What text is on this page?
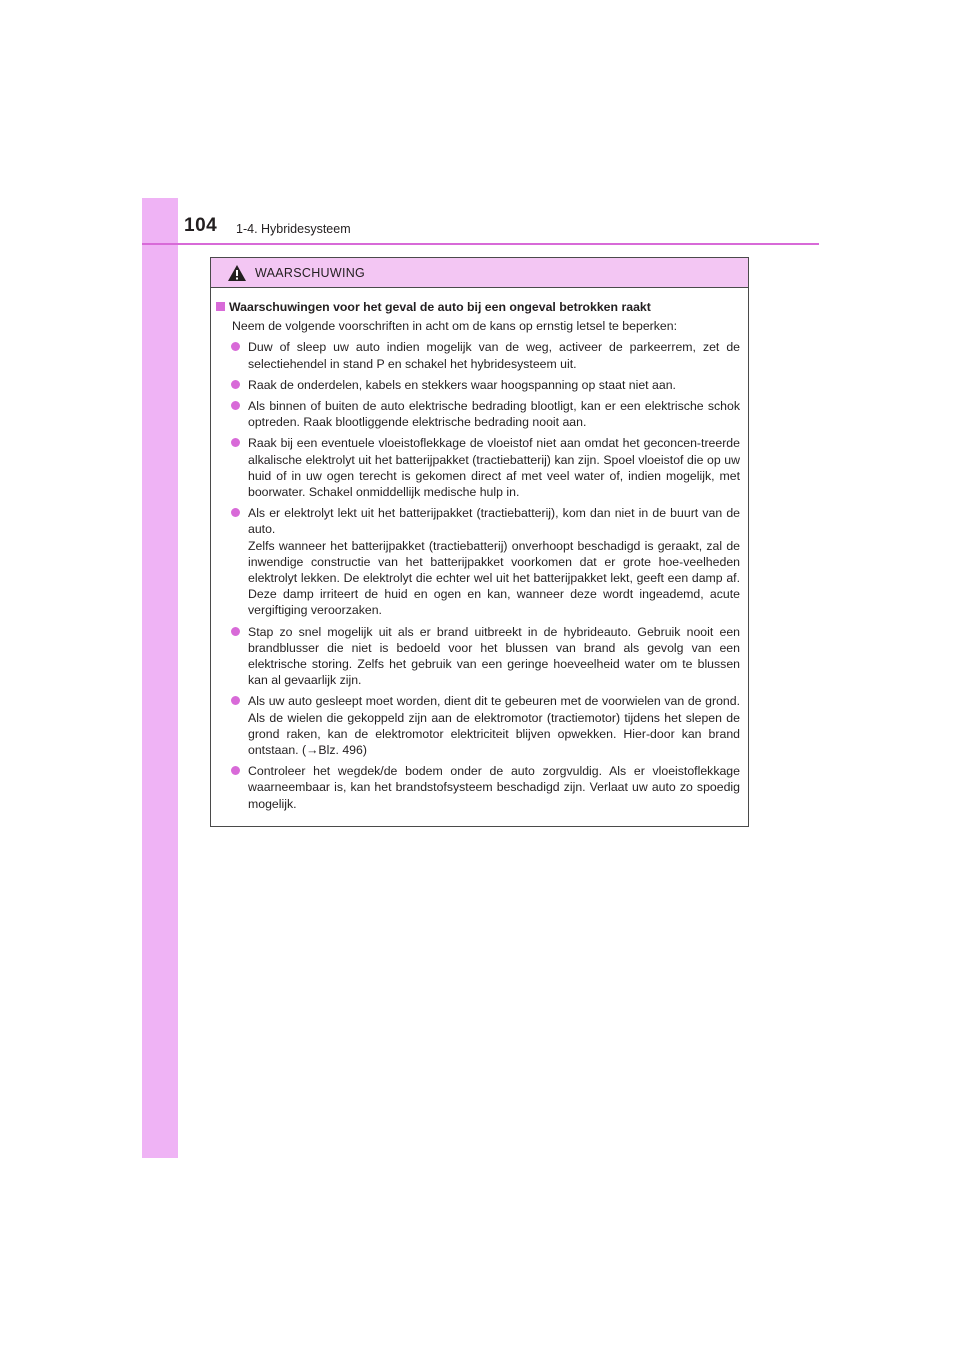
104 1-4. Hybridesysteem
WAARSCHUWING
Waarschuwingen voor het geval de auto bij een ongeval betrokken raakt
Neem de volgende voorschriften in acht om de kans op ernstig letsel te beperken:
Duw of sleep uw auto indien mogelijk van de weg, activeer de parkeerrem, zet de selectiehendel in stand P en schakel het hybridesysteem uit.
Raak de onderdelen, kabels en stekkers waar hoogspanning op staat niet aan.
Als binnen of buiten de auto elektrische bedrading blootligt, kan er een elektrische schok optreden. Raak blootliggende elektrische bedrading nooit aan.
Raak bij een eventuele vloeistoflekkage de vloeistof niet aan omdat het geconcen-treerde alkalische elektrolyt uit het batterijpakket (tractiebatterij) kan zijn. Spoel vloeistof die op uw huid of in uw ogen terecht is gekomen direct af met veel water of, indien mogelijk, met boorwater. Schakel onmiddellijk medische hulp in.
Als er elektrolyt lekt uit het batterijpakket (tractiebatterij), kom dan niet in de buurt van de auto.
Zelfs wanneer het batterijpakket (tractiebatterij) onverhoopt beschadigd is geraakt, zal de inwendige constructie van het batterijpakket voorkomen dat er grote hoe-veelheden elektrolyt lekken. De elektrolyt die echter wel uit het batterijpakket lekt, geeft een damp af. Deze damp irriteert de huid en ogen en kan, wanneer deze wordt ingeademd, acute vergiftiging veroorzaken.
Stap zo snel mogelijk uit als er brand uitbreekt in de hybrideauto. Gebruik nooit een brandblusser die niet is bedoeld voor het blussen van brand als gevolg van een elektrische storing. Zelfs het gebruik van een geringe hoeveelheid water om te blussen kan al gevaarlijk zijn.
Als uw auto gesleept moet worden, dient dit te gebeuren met de voorwielen van de grond. Als de wielen die gekoppeld zijn aan de elektromotor (tractiemotor) tijdens het slepen de grond raken, kan de elektromotor elektriciteit blijven opwekken. Hier-door kan brand ontstaan. (→Blz. 496)
Controleer het wegdek/de bodem onder de auto zorgvuldig. Als er vloeistoflekkage waarneembaar is, kan het brandstofsysteem beschadigd zijn. Verlaat uw auto zo spoedig mogelijk.
